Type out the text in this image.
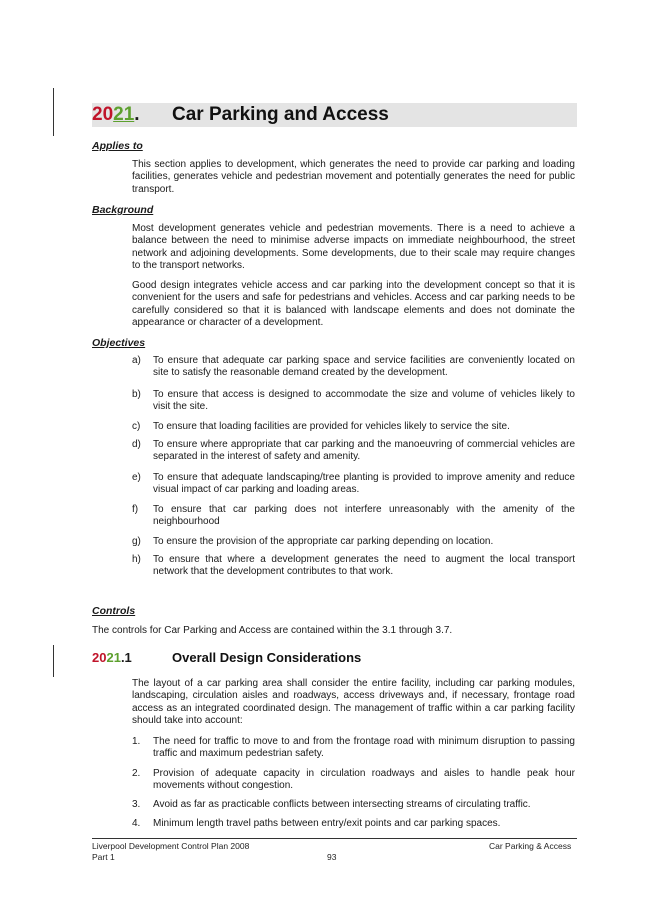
2021. Car Parking and Access
Applies to
This section applies to development, which generates the need to provide car parking and loading facilities, generates vehicle and pedestrian movement and potentially generates the need for public transport.
Background
Most development generates vehicle and pedestrian movements. There is a need to achieve a balance between the need to minimise adverse impacts on immediate neighbourhood, the street network and adjoining developments. Some developments, due to their scale may require changes to the transport networks.
Good design integrates vehicle access and car parking into the development concept so that it is convenient for the users and safe for pedestrians and vehicles. Access and car parking needs to be carefully considered so that it is balanced with landscape elements and does not dominate the appearance or character of a development.
Objectives
a) To ensure that adequate car parking space and service facilities are conveniently located on site to satisfy the reasonable demand created by the development.
b) To ensure that access is designed to accommodate the size and volume of vehicles likely to visit the site.
c) To ensure that loading facilities are provided for vehicles likely to service the site.
d) To ensure where appropriate that car parking and the manoeuvring of commercial vehicles are separated in the interest of safety and amenity.
e) To ensure that adequate landscaping/tree planting is provided to improve amenity and reduce visual impact of car parking and loading areas.
f) To ensure that car parking does not interfere unreasonably with the amenity of the neighbourhood
g) To ensure the provision of the appropriate car parking depending on location.
h) To ensure that where a development generates the need to augment the local transport network that the development contributes to that work.
Controls
The controls for Car Parking and Access are contained within the 3.1 through 3.7.
2021.1	Overall Design Considerations
The layout of a car parking area shall consider the entire facility, including car parking modules, landscaping, circulation aisles and roadways, access driveways and, if necessary, frontage road access as an integrated coordinated design. The management of traffic within a car parking facility should take into account:
1. The need for traffic to move to and from the frontage road with minimum disruption to passing traffic and maximum pedestrian safety.
2. Provision of adequate capacity in circulation roadways and aisles to handle peak hour movements without congestion.
3. Avoid as far as practicable conflicts between intersecting streams of circulating traffic.
4. Minimum length travel paths between entry/exit points and car parking spaces.
Liverpool Development Control Plan 2008
Part 1	93
Car Parking & Access
